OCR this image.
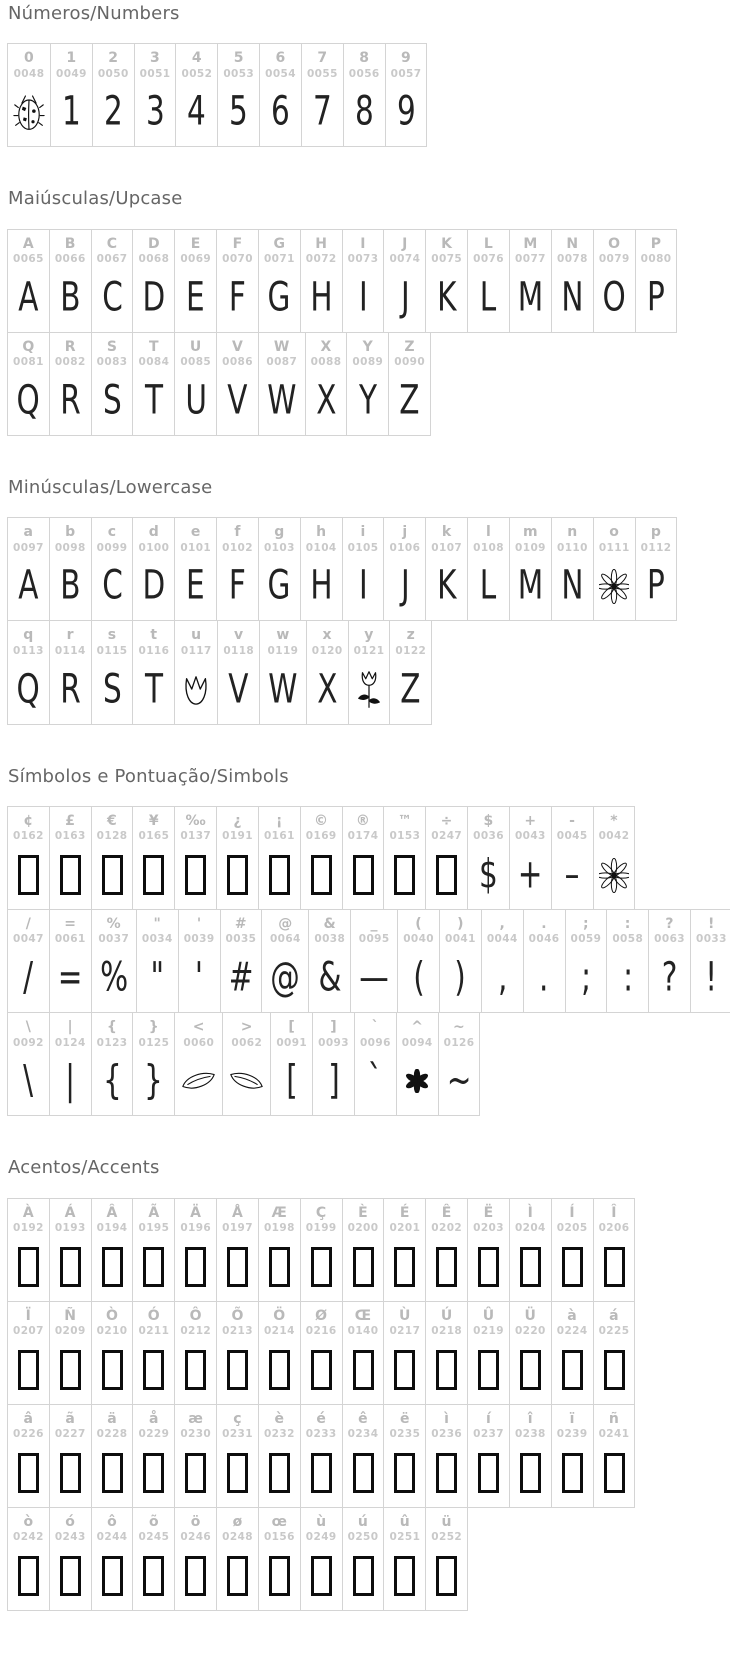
Números/Numbers
0
0048
1
0049
1
2
0050
2
3
0051
3
4
0052
4
5
0053
5
6
0054
6
7
0055
7
8
0056
8
9
0057
9
Maiúsculas/Upcase
A
0065
A
B
0066
B
C
0067
C
D
0068
D
E
0069
E
F
0070
F
G
0071
G
H
0072
H
I
0073
I
J
0074
J
K
0075
K
L
0076
L
M
0077
M
N
0078
N
O
0079
O
P
0080
P
Q
0081
Q
R
0082
R
S
0083
S
T
0084
T
U
0085
U
V
0086
V
W
0087
W
X
0088
X
Y
0089
Y
Z
0090
Z
Minúsculas/Lowercase
a
0097
A
b
0098
B
c
0099
C
d
0100
D
e
0101
E
f
0102
F
g
0103
G
h
0104
H
i
0105
I
j
0106
J
k
0107
K
l
0108
L
m
0109
M
n
0110
N
o
0111
p
0112
P
q
0113
Q
r
0114
R
s
0115
S
t
0116
T
u
0117
v
0118
V
w
0119
W
x
0120
X
y
0121
z
0122
Z
Símbolos e Pontuação/Simbols
¢
0162
£
0163
€
0128
¥
0165
‰
0137
¿
0191
¡
0161
©
0169
®
0174
™
0153
÷
0247
$
0036
$
+
0043
+
-
0045
–
*
0042
/
0047
/
=
0061
=
%
0037
%
"
0034
"
'
0039
'
#
0035
#
@
0064
@
&
0038
&
_
0095
—
(
0040
(
)
0041
)
,
0044
,
.
0046
.
;
0059
;
:
0058
:
?
0063
?
!
0033
!
\
0092
\
|
0124
|
{
0123
{
}
0125
}
<
0060
>
0062
[
0091
[
]
0093
]
`
0096
`
^
0094
~
0126
~
Acentos/Accents
À
0192
Á
0193
Â
0194
Ã
0195
Ä
0196
Å
0197
Æ
0198
Ç
0199
È
0200
É
0201
Ê
0202
Ë
0203
Ì
0204
Í
0205
Î
0206
Ï
0207
Ñ
0209
Ò
0210
Ó
0211
Ô
0212
Õ
0213
Ö
0214
Ø
0216
Œ
0140
Ù
0217
Ú
0218
Û
0219
Ü
0220
à
0224
á
0225
â
0226
ã
0227
ä
0228
å
0229
æ
0230
ç
0231
è
0232
é
0233
ê
0234
ë
0235
ì
0236
í
0237
î
0238
ï
0239
ñ
0241
ò
0242
ó
0243
ô
0244
õ
0245
ö
0246
ø
0248
œ
0156
ù
0249
ú
0250
û
0251
ü
0252
